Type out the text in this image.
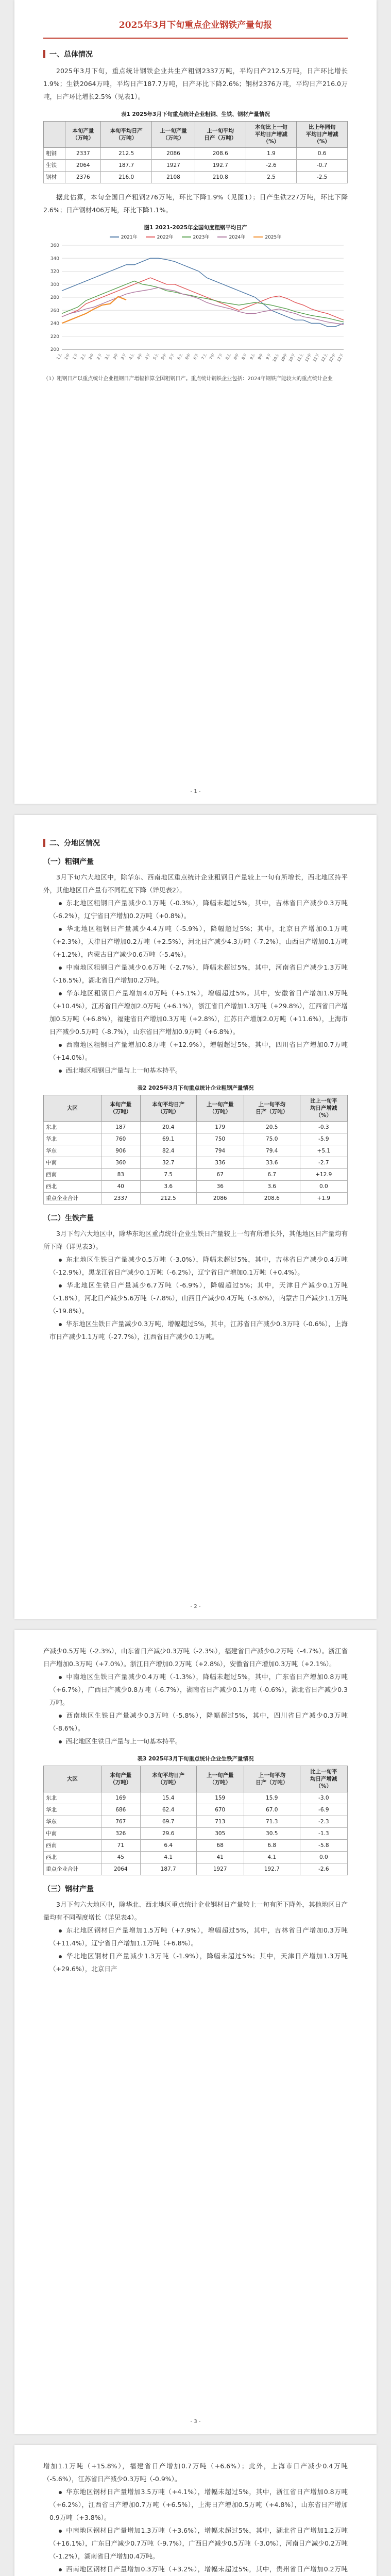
2025年3月下旬重点企业钢铁产量旬报
一、总体情况

2025年3月下旬，重点统计钢铁企业共生产粗钢2337万吨，平均日产212.5万吨，日产环比增长1.9%；生铁2064万吨，平均日产187.7万吨，日产环比下降2.6%；钢材2376万吨，平均日产216.0万吨，日产环比增长2.5%（见表1）。

表1 2025年3月下旬重点统计企业粗钢、生铁、钢材产量情况
	本旬产量
（万吨）	本旬平均日产
（万吨）	上一旬产量
（万吨）	上一旬平均
日产（万吨）	本旬比上一旬
平均日产增减
（%）	比上年同旬
平均日产增减
（%）
粗钢	2337	212.5	2086	208.6	1.9	0.6
生铁	2064	187.7	1927	192.7	-2.6	-0.7
钢材	2376	216.0	2108	210.8	2.5	-2.5

据此估算，本旬全国日产粗钢276万吨，环比下降1.9%（见图1）；日产生铁227万吨，环比下降2.6%；日产钢材406万吨，环比下降1.1%。

图1 2021-2025年全国旬度粗钢平均日产
2021年	2022年	2023年	2024年	2025年
200
220
240
260
280
300
320
340
360
1上 1中 1下 2上 2中 2下 3上 3中 3下 4上 4中 4下 5上 5中 5下 6上 6中 6下 7上 7中 7下 8上 8中 8下 9上 9中 9下 10上 10中 10下 11上 11中 11下 12上 12中 12下
（1）粗钢日产以重点统计企业粗钢日产增幅推算全国粗钢日产。重点统计钢铁企业包括：2024年钢铁产能较大的重点统计企业
- 1 -
二、分地区情况
（一）粗钢产量

3月下旬六大地区中，除华东、西南地区重点统计企业粗钢日产量较上一旬有所增长，西北地区持平外，其他地区日产量有不同程度下降（详见表2）。

东北地区粗钢日产量减少0.1万吨（-0.3%），降幅未超过5%，其中，吉林省日产减少0.3万吨（-6.2%），辽宁省日产增加0.2万吨（+0.8%）。

华北地区粗钢日产量减少4.4万吨（-5.9%），降幅超过5%；其中，北京日产增加0.1万吨（+2.3%），天津日产增加0.2万吨（+2.5%），河北日产减少4.3万吨（-7.2%），山西日产增加0.1万吨（+1.2%），内蒙古日产减少0.6万吨（-5.4%）。

中南地区粗钢日产量减少0.6万吨（-2.7%），降幅未超过5%，其中，河南省日产减少1.3万吨（-16.5%），湖北省日产增加0.2万吨。

华东地区粗钢日产量增加4.0万吨（+5.1%），增幅超过5%。其中，安徽省日产增加1.9万吨（+10.4%），江苏省日产增加2.0万吨（+6.1%），浙江省日产增加1.3万吨（+29.8%），江西省日产增加0.5万吨（+6.8%），福建省日产增加0.3万吨（+2.8%），江苏日产增加2.0万吨（+11.6%），上海市日产减少0.5万吨（-8.7%），山东省日产增加0.9万吨（+6.8%）。

西南地区粗钢日产量增加0.8万吨（+12.9%），增幅超过5%，其中，四川省日产增加0.7万吨（+14.0%）。

西北地区粗钢日产量与上一旬基本持平。

表2 2025年3月下旬重点统计企业粗钢产量情况
大区	本旬产量
（万吨）	本旬平均日产
（万吨）	上一旬产量
（万吨）	上一旬平均
日产（万吨）	比上一旬平
均日产增减
（%）
东北	187	20.4	179	20.5	-0.3
华北	760	69.1	750	75.0	-5.9
华东	906	82.4	794	79.4	+5.1
中南	360	32.7	336	33.6	-2.7
西南	83	7.5	67	6.7	+12.9
西北	40	3.6	36	3.6	0.0
重点企业合计	2337	212.5	2086	208.6	+1.9
（二）生铁产量

3月下旬六大地区中，除华东地区重点统计企业生铁日产量较上一旬有所增长外，其他地区日产量均有所下降（详见表3）。

东北地区生铁日产量减少0.5万吨（-3.0%），降幅未超过5%，其中，吉林省日产减少0.4万吨（-12.9%），黑龙江省日产减少0.1万吨（-6.2%），辽宁省日产增加0.1万吨（+0.4%）。

华北地区生铁日产量减少6.7万吨（-6.9%），降幅超过5%；其中，天津日产减少0.1万吨（-1.8%），河北日产减少5.6万吨（-7.8%），山西日产减少0.4万吨（-3.6%），内蒙古日产减少1.1万吨（-19.8%）。

华东地区生铁日产量减少0.3万吨，增幅超过5%，其中，江苏省日产减少0.3万吨（-0.6%），上海市日产减少1.1万吨（-27.7%），江西省日产减少0.1万吨。

- 2 -

产减少0.5万吨（-2.3%），山东省日产减少0.3万吨（-2.3%），福建省日产减少0.2万吨（-4.7%）。浙江省日产增加0.3万吨（+7.0%）。浙江日产增加0.2万吨（+2.8%），安徽省日产增加0.3万吨（+2.1%）。

中南地区生铁日产量减少0.4万吨（-1.3%），降幅未超过5%，其中，广东省日产增加0.8万吨（+6.7%），广西日产减少0.8万吨（-6.7%），湖南省日产减少0.1万吨（-0.6%），湖北省日产减少0.3万吨。

西南地区生铁日产量减少0.3万吨（-5.8%），降幅超过5%，其中，四川省日产减少0.3万吨（-8.6%）。

西北地区生铁日产量与上一旬基本持平。

表3 2025年3月下旬重点统计企业生铁产量情况
大区	本旬产量
（万吨）	本旬平均日产
（万吨）	上一旬产量
（万吨）	上一旬平均
日产（万吨）	比上一旬平
均日产增减
（%）
东北	169	15.4	159	15.9	-3.0
华北	686	62.4	670	67.0	-6.9
华东	767	69.7	713	71.3	-2.3
中南	326	29.6	305	30.5	-1.3
西南	71	6.4	68	6.8	-5.8
西北	45	4.1	41	4.1	0.0
重点企业合计	2064	187.7	1927	192.7	-2.6
（三）钢材产量

3月下旬六大地区中，除华北、西北地区重点统计企业钢材日产量较上一旬有所下降外，其他地区日产量均有不同程度增长（详见表4）。

东北地区钢材日产量增加1.5万吨（+7.9%），增幅超过5%，其中，吉林省日产增加0.3万吨（+11.4%），辽宁省日产增加1.1万吨（+6.8%）。

华北地区钢材日产量减少1.3万吨（-1.9%），降幅未超过5%；其中，天津日产增加1.3万吨（+29.6%），北京日产

- 3 -

增加1.1万吨（+15.8%），福建省日产增加0.7万吨（+6.6%）；此外，上海市日产减少0.4万吨（-5.6%），江苏省日产减少0.3万吨（-0.9%）。

华东地区钢材日产量增加3.5万吨（+4.1%），增幅未超过5%，其中，浙江省日产增加0.8万吨（+6.2%），江西省日产增加0.7万吨（+6.5%），上海日产增加0.5万吨（+4.8%），山东省日产增加0.9万吨（+3.8%）。

中南地区钢材日产量增加1.3万吨（+3.6%），增幅未超过5%，其中，湖北省日产增加1.2万吨（+16.1%），广东日产减少0.7万吨（-9.7%），广西日产减少0.5万吨（-3.0%），河南日产减少0.2万吨（-1.2%），湖南省日产增加0.4万吨。

西南地区钢材日产量增加0.3万吨（+3.2%），增幅未超过5%，其中，贵州省日产增加0.2万吨
